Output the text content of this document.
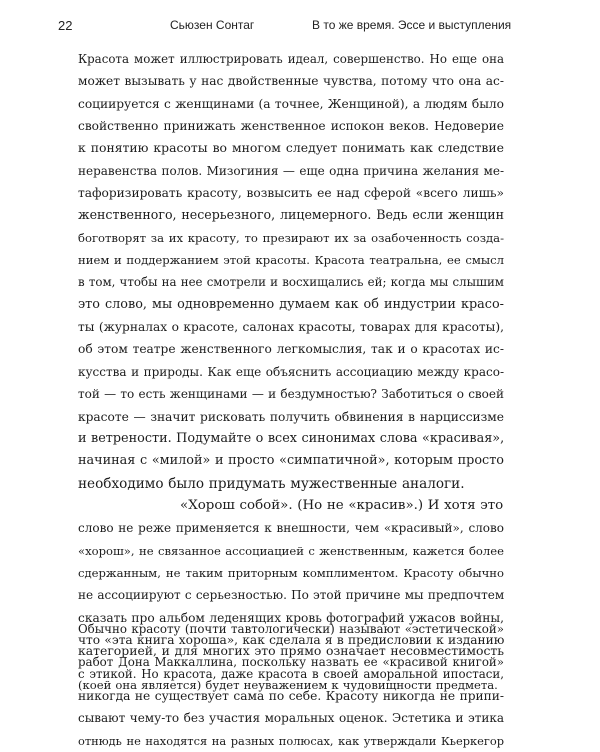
22	Сьюзен Сонтаг	В то же время. Эссе и выступления
Красота может иллюстрировать идеал, совершенство. Но еще она
может вызывать у нас двойственные чувства, потому что она ас-
социируется с женщинами (а точнее, Женщиной), а людям было
свойственно принижать женственное испокон веков. Недоверие
к понятию красоты во многом следует понимать как следствие
неравенства полов. Мизогиния — еще одна причина желания ме-
тафоризировать красоту, возвысить ее над сферой «всего лишь»
женственного, несерьезного, лицемерного. Ведь если женщин
боготворят за их красоту, то презирают их за озабоченность созда-
нием и поддержанием этой красоты. Красота театральна, ее смысл
в том, чтобы на нее смотрели и восхищались ей; когда мы слышим
это слово, мы одновременно думаем как об индустрии красо-
ты (журналах о красоте, салонах красоты, товарах для красоты),
об этом театре женственного легкомыслия, так и о красотах ис-
кусства и природы. Как еще объяснить ассоциацию между красо-
той — то есть женщинами — и бездумностью? Заботиться о своей
красоте — значит рисковать получить обвинения в нарциссизме
и ветрености. Подумайте о всех синонимах слова «красивая»,
начиная с «милой» и просто «симпатичной», которым просто
необходимо было придумать мужественные аналоги.
«Хорош собой». (Но не «красив».) И хотя это
слово не реже применяется к внешности, чем «красивый», слово
«хорош», не связанное ассоциацией с женственным, кажется более
сдержанным, не таким приторным комплиментом. Красоту обычно
не ассоциируют с серьезностью. По этой причине мы предпочтем
сказать про альбом леденящих кровь фотографий ужасов войны,
что «эта книга хороша», как сделала я в предисловии к изданию
работ Дона Маккаллина, поскольку назвать ее «красивой книгой»
(коей она является) будет неуважением к чудовищности предмета.
Обычно красоту (почти тавтологически) называют «эстетической»
категорией, и для многих это прямо означает несовместимость
с этикой. Но красота, даже красота в своей аморальной ипостаси,
никогда не существует сама по себе. Красоту никогда не припи-
сывают чему-то без участия моральных оценок. Эстетика и этика
отнюдь не находятся на разных полюсах, как утверждали Кьеркегор
